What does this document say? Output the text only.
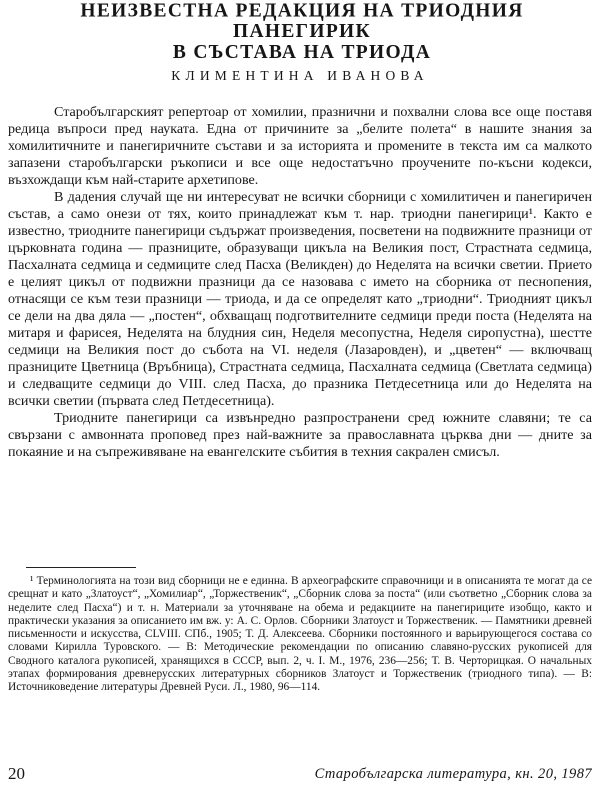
НЕИЗВЕСТНА РЕДАКЦИЯ НА ТРИОДНИЯ ПАНЕГИРИК
В СЪСТАВА НА ТРИОДА
КЛИМЕНТИНА ИВАНОВА

Старобългарският репертоар от хомилии, празнични и похвални слова все още поставя редица въпроси пред науката. Една от причините за „белите полета“ в нашите знания за хомилитичните и панегиричните състави и за историята и промените в текста им са малкото запазени старобългарски ръкописи и все още недостатъчно проучените по-късни кодекси, възхождащи към най-старите архетипове.

В дадения случай ще ни интересуват не всички сборници с хомилитичен и панегиричен състав, а само онези от тях, които принадлежат към т. нар. триодни панегирици¹. Както е известно, триодните панегирици съдържат произведения, посветени на подвижните празници от църковната година — празниците, образуващи цикъла на Великия пост, Страстната седмица, Пасхалната седмица и седмиците след Пасха (Великден) до Неделята на всички светии. Прието е целият цикъл от подвижни празници да се назовава с името на сборника от песнопения, отнасящи се към тези празници — триода, и да се определят като „триодни“. Триодният цикъл се дели на два дяла — „постен“, обхващащ подготвителните седмици преди поста (Неделята на митаря и фарисея, Неделята на блудния син, Неделя месопустна, Неделя сиропустна), шестте седмици на Великия пост до събота на VI. неделя (Лазаровден), и „цветен“ — включващ празниците Цветница (Връбница), Страстната седмица, Пасхалната седмица (Светлата седмица) и следващите седмици до VIII. след Пасха, до празника Петдесетница или до Неделята на всички светии (първата след Петдесетница).

Триодните панегирици са извънредно разпространени сред южните славяни; те са свързани с амвонната проповед през най-важните за православната църква дни — дните за покаяние и на съпреживяване на евангелските събития в техния сакрален смисъл.

¹ Терминологията на този вид сборници не е единна. В археографските справочници и в описанията те могат да се срещнат и като „Златоуст“, „Хомилиар“, „Торжественик“, „Сборник слова за поста“ (или съответно „Сборник слова за неделите след Пасха“) и т. н. Материали за уточняване на обема и редакциите на панегириците изобщо, както и практически указания за описанието им вж. у: А. С. Орлов. Сборники Златоуст и Торжественик. — Памятники древней письменности и искусства, CLVIII. СПб., 1905; Т. Д. Алексеева. Сборники постоянного и варьирующегося состава со словами Кирилла Туровского. — В: Методические рекомендации по описанию славяно-русских рукописей для Сводного каталога рукописей, хранящихся в СССР, вып. 2, ч. I. М., 1976, 236—256; Т. В. Черторицкая. О начальных этапах формирования древнерусских литературных сборников Златоуст и Торжественик (триодного типа). — В: Источниковедение литературы Древней Руси. Л., 1980, 96—114.

20	Старобългарска литература, кн. 20, 1987
